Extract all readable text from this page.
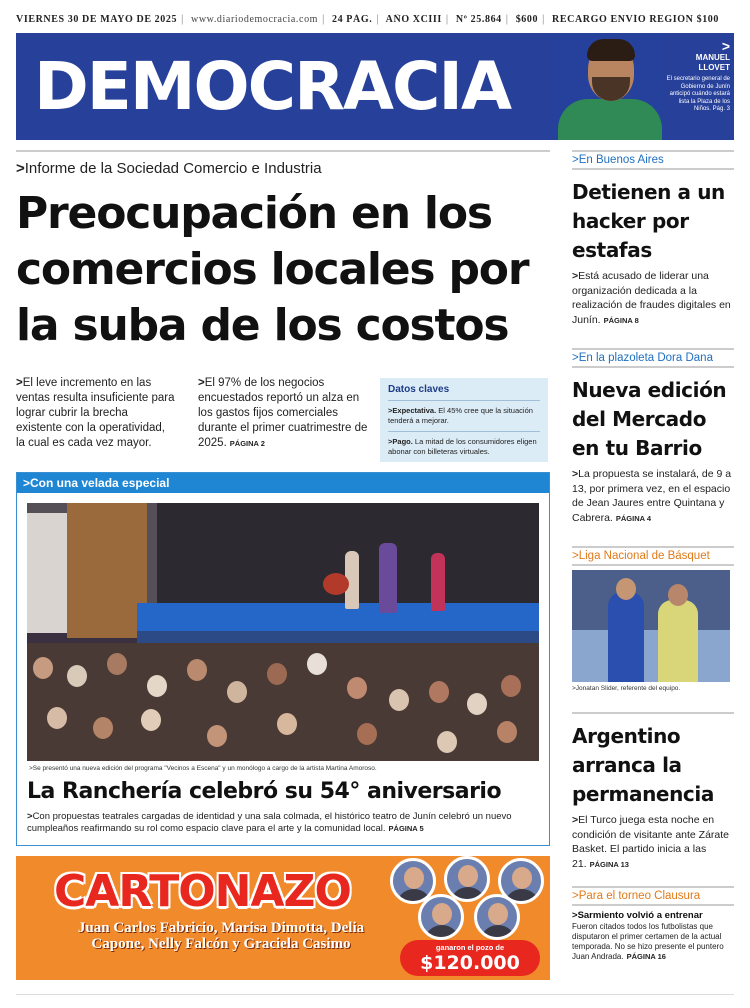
VIERNES 30 DE MAYO DE 2025 | www.diariodemocracia.com | 24 PÁG. | AÑO XCIII | Nº 25.864 | $600 | RECARGO ENVÍO REGIÓN $100
DEMOCRACIA
>
MANUEL LLOVET
El secretario general de Gobierno de Junín anticipó cuándo estará lista la Plaza de los Niños. Pág. 3
>Informe de la Sociedad Comercio e Industria
Preocupación en los comercios locales por la suba de los costos
>El leve incremento en las ventas resulta insuficiente para lograr cubrir la brecha existente con la operatividad, la cual es cada vez mayor.
>El 97% de los negocios encuestados reportó un alza en los gastos fijos comerciales durante el primer cuatrimestre de 2025. PÁGINA 2
Datos claves
>Expectativa. El 45% cree que la situación tenderá a mejorar.
>Pago. La mitad de los consumidores eligen abonar con billeteras virtuales.
>Con una velada especial
>Se presentó una nueva edición del programa "Vecinos a Escena" y un monólogo a cargo de la artista Martina Amoroso.
La Ranchería celebró su 54° aniversario
>Con propuestas teatrales cargadas de identidad y una sala colmada, el histórico teatro de Junín celebró un nuevo cumpleaños reafirmando su rol como espacio clave para el arte y la comunidad local. PÁGINA 5
CARTONAZO
Juan Carlos Fabricio, Marisa Dimotta, Delia Capone, Nelly Falcón y Graciela Casimo	ganaron el pozo de
$120.000
>En Buenos Aires
Detienen a un hacker por estafas
>Está acusado de liderar una organización dedicada a la realización de fraudes digitales en Junín. PÁGINA 8
>En la plazoleta Dora Dana
Nueva edición del Mercado en tu Barrio
>La propuesta se instalará, de 9 a 13, por primera vez, en el espacio de Jean Jaures entre Quintana y Cabrera. PÁGINA 4
>Liga Nacional de Básquet
>Jonatan Slider, referente del equipo.
Argentino arranca la permanencia
>El Turco juega esta noche en condición de visitante ante Zárate Basket. El partido inicia a las 21. PÁGINA 13
>Para el torneo Clausura
>Sarmiento volvió a entrenar
Fueron citados todos los futbolistas que disputaron el primer certamen de la actual temporada. No se hizo presente el puntero Juan Andrada. PÁGINA 16
